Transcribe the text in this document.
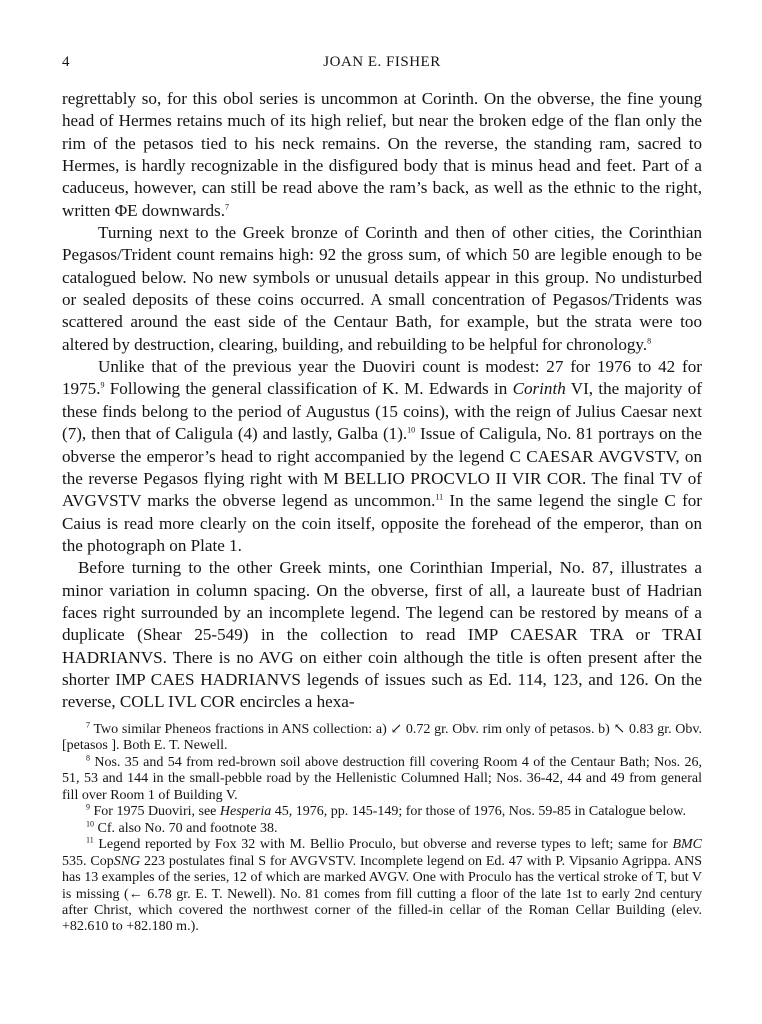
4	JOAN E. FISHER

regrettably so, for this obol series is uncommon at Corinth. On the obverse, the fine young head of Hermes retains much of its high relief, but near the broken edge of the flan only the rim of the petasos tied to his neck remains. On the reverse, the standing ram, sacred to Hermes, is hardly recognizable in the disfigured body that is minus head and feet. Part of a caduceus, however, can still be read above the ram’s back, as well as the ethnic to the right, written ΦE downwards.$^7$

Turning next to the Greek bronze of Corinth and then of other cities, the Corinthian Pegasos/Trident count remains high: 92 the gross sum, of which 50 are legible enough to be catalogued below. No new symbols or unusual details appear in this group. No undisturbed or sealed deposits of these coins occurred. A small concentration of Pegasos/Tridents was scattered around the east side of the Centaur Bath, for example, but the strata were too altered by destruction, clearing, building, and rebuilding to be helpful for chronology.$^8$

Unlike that of the previous year the Duoviri count is modest: 27 for 1976 to 42 for 1975.$^9$ Following the general classification of K. M. Edwards in Corinth VI, the majority of these finds belong to the period of Augustus (15 coins), with the reign of Julius Caesar next (7), then that of Caligula (4) and lastly, Galba (1).$^{10}$ Issue of Caligula, No. 81 portrays on the obverse the emperor’s head to right accompanied by the legend C CAESAR AVGVSTV, on the reverse Pegasos flying right with M BELLIO PROCVLO II VIR COR. The final TV of AVGVSTV marks the obverse legend as uncommon.$^{11}$ In the same legend the single C for Caius is read more clearly on the coin itself, opposite the forehead of the emperor, than on the photograph on Plate 1.

Before turning to the other Greek mints, one Corinthian Imperial, No. 87, illustrates a minor variation in column spacing. On the obverse, first of all, a laureate bust of Hadrian faces right surrounded by an incomplete legend. The legend can be restored by means of a duplicate (Shear 25-549) in the collection to read IMP CAESAR TRA or TRAI HADRIANVS. There is no AVG on either coin although the title is often present after the shorter IMP CAES HADRIANVS legends of issues such as Ed. 114, 123, and 126. On the reverse, COLL IVL COR encircles a hexa-

$^7$ Two similar Pheneos fractions in ANS collection: a) ↙ 0.72 gr. Obv. rim only of petasos. b) ↖ 0.83 gr. Obv. [petasos ]. Both E. T. Newell.

$^8$ Nos. 35 and 54 from red-brown soil above destruction fill covering Room 4 of the Centaur Bath; Nos. 26, 51, 53 and 144 in the small-pebble road by the Hellenistic Columned Hall; Nos. 36-42, 44 and 49 from general fill over Room 1 of Building V.

$^9$ For 1975 Duoviri, see Hesperia 45, 1976, pp. 145-149; for those of 1976, Nos. 59-85 in Catalogue below.

$^{10}$ Cf. also No. 70 and footnote 38.

$^{11}$ Legend reported by Fox 32 with M. Bellio Proculo, but obverse and reverse types to left; same for BMC 535. CopSNG 223 postulates final S for AVGVSTV. Incomplete legend on Ed. 47 with P. Vipsanio Agrippa. ANS has 13 examples of the series, 12 of which are marked AVGV. One with Proculo has the vertical stroke of T, but V is missing (← 6.78 gr. E. T. Newell). No. 81 comes from fill cutting a floor of the late 1st to early 2nd century after Christ, which covered the northwest corner of the filled-in cellar of the Roman Cellar Building (elev. +82.610 to +82.180 m.).
